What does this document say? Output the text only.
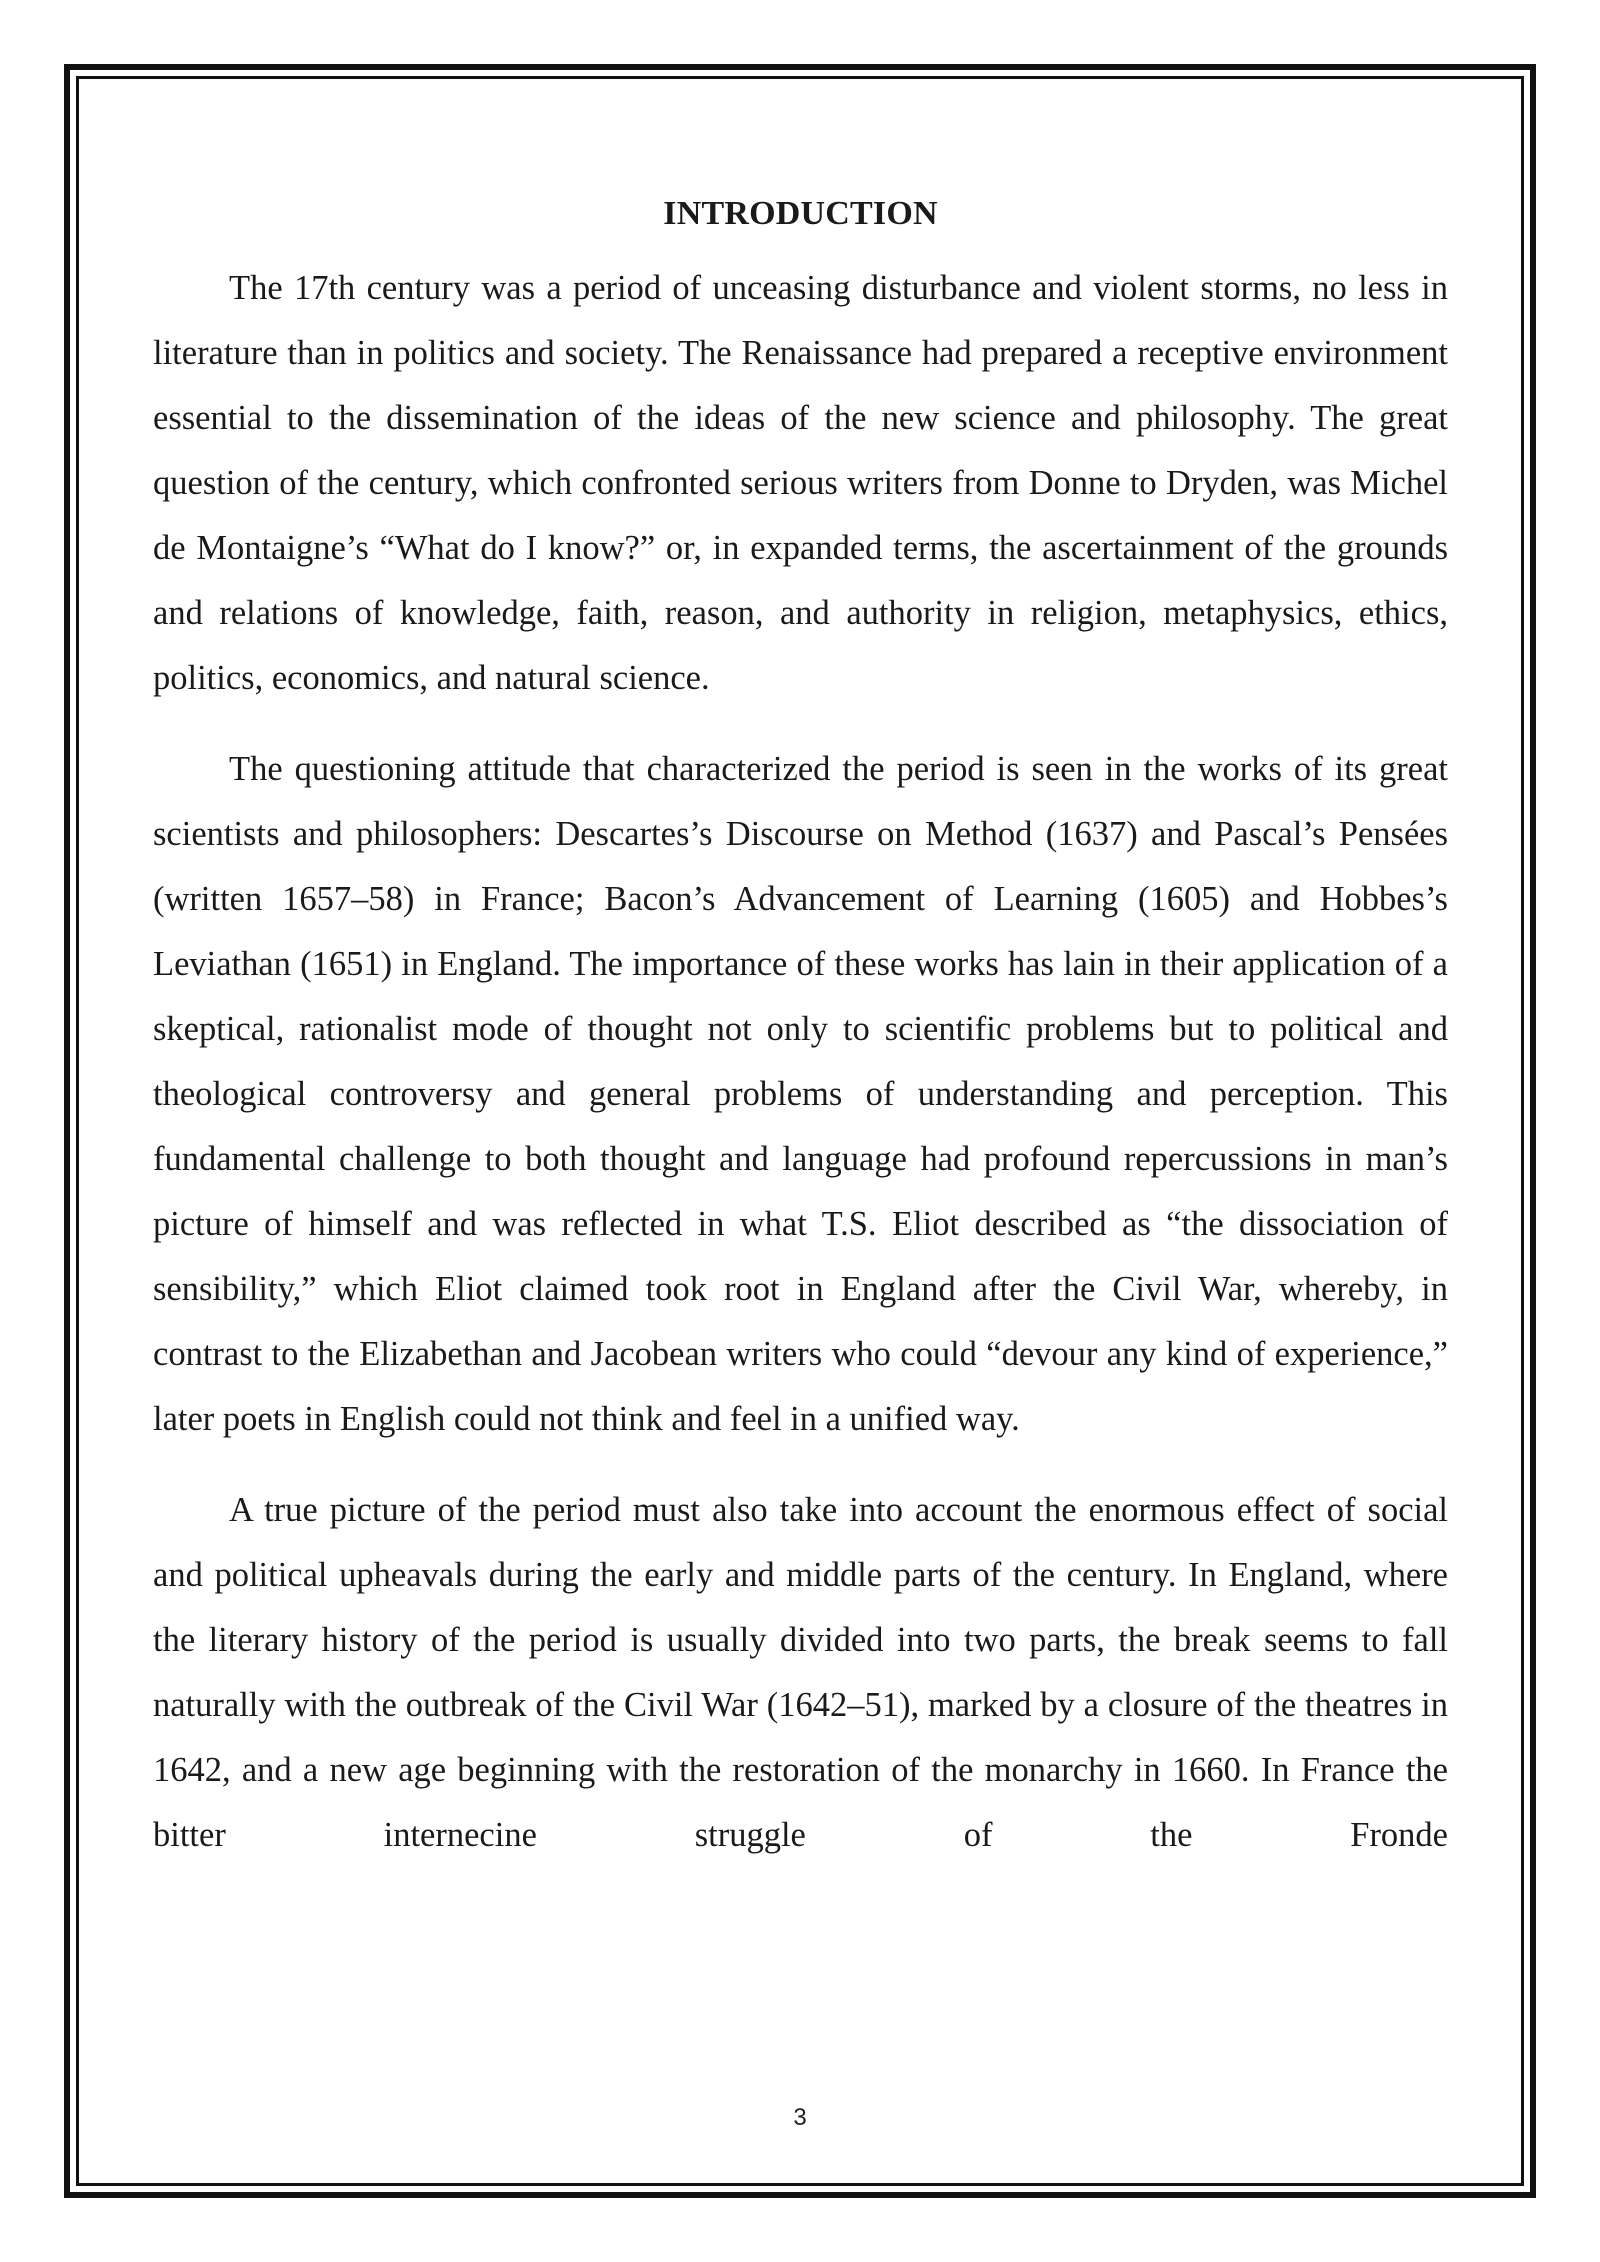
INTRODUCTION

The 17th century was a period of unceasing disturbance and violent storms, no less in literature than in politics and society. The Renaissance had prepared a receptive environment essential to the dissemination of the ideas of the new science and philosophy. The great question of the century, which confronted serious writers from Donne to Dryden, was Michel de Montaigne’s “What do I know?” or, in expanded terms, the ascertainment of the grounds and relations of knowledge, faith, reason, and authority in religion, metaphysics, ethics, politics, economics, and natural science.

The questioning attitude that characterized the period is seen in the works of its great scientists and philosophers: Descartes’s Discourse on Method (1637) and Pascal’s Pensées (written 1657–58) in France; Bacon’s Advancement of Learning (1605) and Hobbes’s Leviathan (1651) in England. The importance of these works has lain in their application of a skeptical, rationalist mode of thought not only to scientific problems but to political and theological controversy and general problems of understanding and perception. This fundamental challenge to both thought and language had profound repercussions in man’s picture of himself and was reflected in what T.S. Eliot described as “the dissociation of sensibility,” which Eliot claimed took root in England after the Civil War, whereby, in contrast to the Elizabethan and Jacobean writers who could “devour any kind of experience,” later poets in English could not think and feel in a unified way.

A true picture of the period must also take into account the enormous effect of social and political upheavals during the early and middle parts of the century. In England, where the literary history of the period is usually divided into two parts, the break seems to fall naturally with the outbreak of the Civil War (1642–51), marked by a closure of the theatres in 1642, and a new age beginning with the restoration of the monarchy in 1660. In France the bitter internecine struggle of the Fronde

3
